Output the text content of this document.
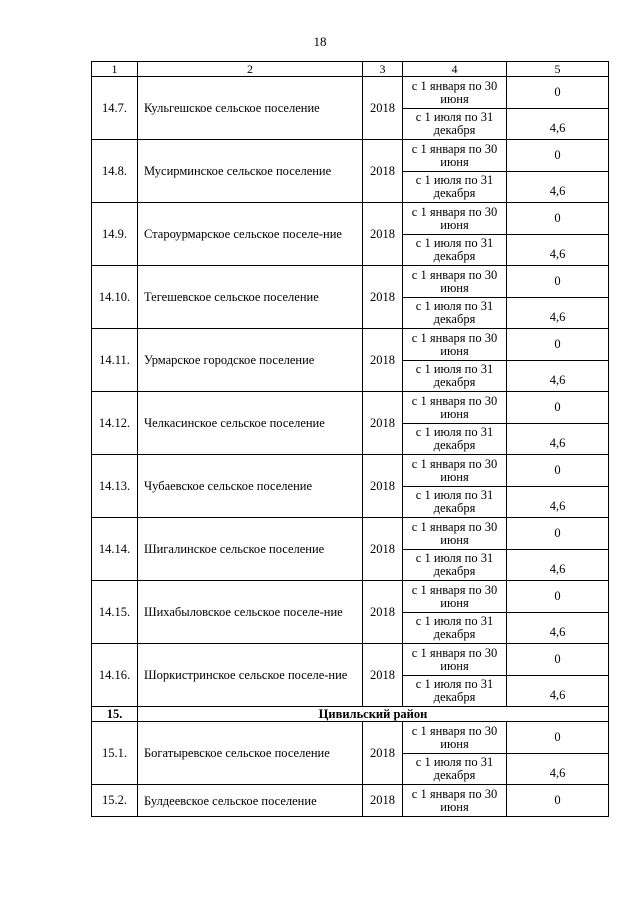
18
1	2	3	4	5
14.7.	Кульгешское сельское поселение	2018	с 1 января по 30 июня	0
			с 1 июля по 31 декабря	4,6
14.8.	Мусирминское сельское поселение	2018	с 1 января по 30 июня	0
			с 1 июля по 31 декабря	4,6
14.9.	Староурмарское сельское поселе-ние	2018	с 1 января по 30 июня	0
			с 1 июля по 31 декабря	4,6
14.10.	Тегешевское сельское поселение	2018	с 1 января по 30 июня	0
			с 1 июля по 31 декабря	4,6
14.11.	Урмарское городское поселение	2018	с 1 января по 30 июня	0
			с 1 июля по 31 декабря	4,6
14.12.	Челкасинское сельское поселение	2018	с 1 января по 30 июня	0
			с 1 июля по 31 декабря	4,6
14.13.	Чубаевское сельское поселение	2018	с 1 января по 30 июня	0
			с 1 июля по 31 декабря	4,6
14.14.	Шигалинское сельское поселение	2018	с 1 января по 30 июня	0
			с 1 июля по 31 декабря	4,6
14.15.	Шихабыловское сельское поселе-ние	2018	с 1 января по 30 июня	0
			с 1 июля по 31 декабря	4,6
14.16.	Шоркистринское сельское поселе-ние	2018	с 1 января по 30 июня	0
			с 1 июля по 31 декабря	4,6
15.	Цивильский район			
15.1.	Богатыревское сельское поселение	2018	с 1 января по 30 июня	0
			с 1 июля по 31 декабря	4,6
15.2.	Булдеевское сельское поселение	2018	с 1 января по 30 июня	0
